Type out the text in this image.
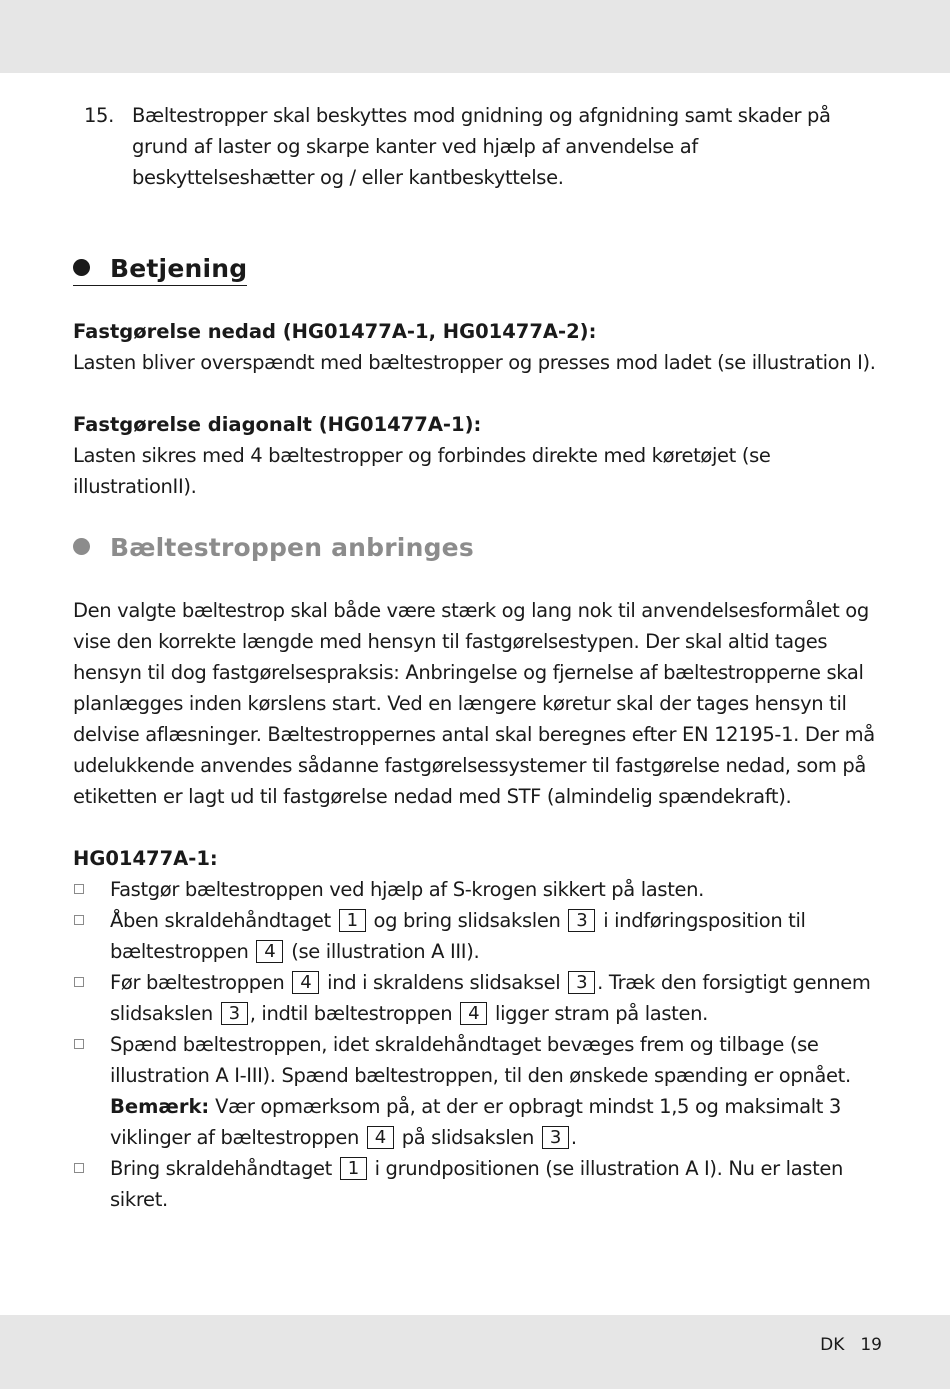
15. Bæltestropper skal beskyttes mod gnidning og afgnidning samt skader på grund af laster og skarpe kanter ved hjælp af anvendelse af beskyttelseshætter og / eller kantbeskyttelse.
Betjening
Fastgørelse nedad (HG01477A-1, HG01477A-2):
Lasten bliver overspændt med bæltestropper og presses mod ladet (se illustration I).
Fastgørelse diagonalt (HG01477A-1):
Lasten sikres med 4 bæltestropper og forbindes direkte med køretøjet (se illustrationII).
Bæltestroppen anbringes
Den valgte bæltestrop skal både være stærk og lang nok til anvendelsesformålet og vise den korrekte længde med hensyn til fastgørelsestypen. Der skal altid tages hensyn til dog fastgørelsespraksis: Anbringelse og fjernelse af bæltestropperne skal planlægges inden kørslens start. Ved en længere køretur skal der tages hensyn til delvise aflæsninger. Bæltestroppernes antal skal beregnes efter EN 12195-1. Der må udelukkende anvendes sådanne fastgørelsessystemer til fastgørelse nedad, som på etiketten er lagt ud til fastgørelse nedad med STF (almindelig spændekraft).
HG01477A-1:
Fastgør bæltestroppen ved hjælp af S-krogen sikkert på lasten.
Åben skraldehåndtaget 1 og bring slidsakslen 3 i indføringsposition til bæltestroppen 4 (se illustration A III).
Før bæltestroppen 4 ind i skraldens slidsaksel 3 . Træk den forsigtigt gennem slidsakslen 3 , indtil bæltestroppen 4 ligger stram på lasten.
Spænd bæltestroppen, idet skraldehåndtaget bevæges frem og tilbage (se illustration A I-III). Spænd bæltestroppen, til den ønskede spænding er opnået.
Bemærk: Vær opmærksom på, at der er opbragt mindst 1,5 og maksimalt 3 viklinger af bæltestroppen 4 på slidsakslen 3 .
Bring skraldehåndtaget 1 i grundpositionen (se illustration A I). Nu er lasten sikret.
DK 19
